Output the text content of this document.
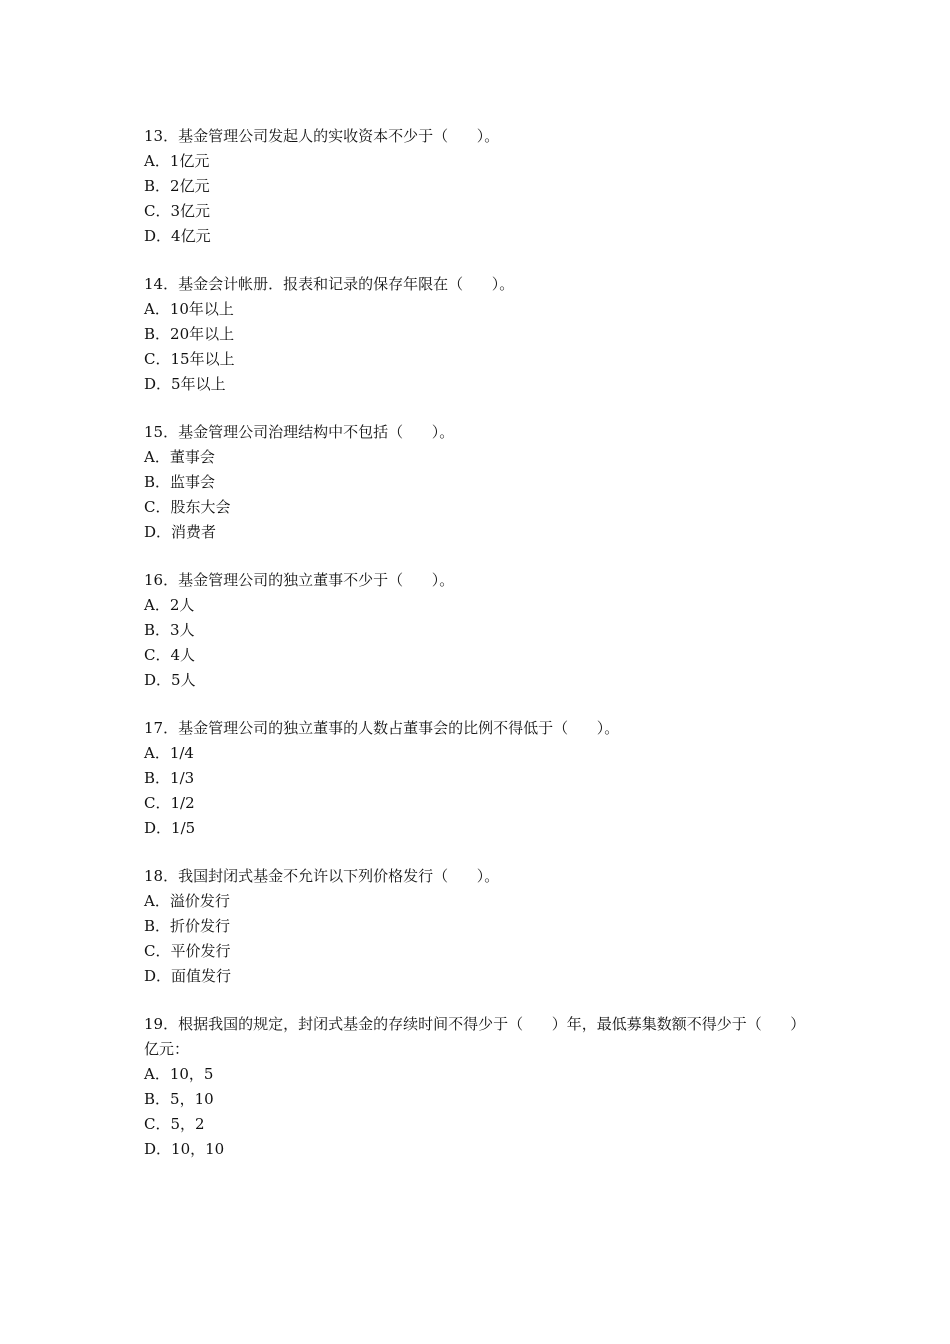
13．基金管理公司发起人的实收资本不少于（      ）。
A．1亿元
B．2亿元
C．3亿元
D．4亿元
14．基金会计帐册．报表和记录的保存年限在（      ）。
A．10年以上
B．20年以上
C．15年以上
D．5年以上
15．基金管理公司治理结构中不包括（      ）。
A．董事会
B．监事会
C．股东大会
D．消费者
16．基金管理公司的独立董事不少于（      ）。
A．2人
B．3人
C．4人
D．5人
17．基金管理公司的独立董事的人数占董事会的比例不得低于（      ）。
A．1/4
B．1/3
C．1/2
D．1/5
18．我国封闭式基金不允许以下列价格发行（      ）。
A．溢价发行
B．折价发行
C．平价发行
D．面值发行
19．根据我国的规定，封闭式基金的存续时间不得少于（      ）年，最低募集数额不得少于（      ）亿元：
A．10，5
B．5，10
C．5，2
D．10，10
